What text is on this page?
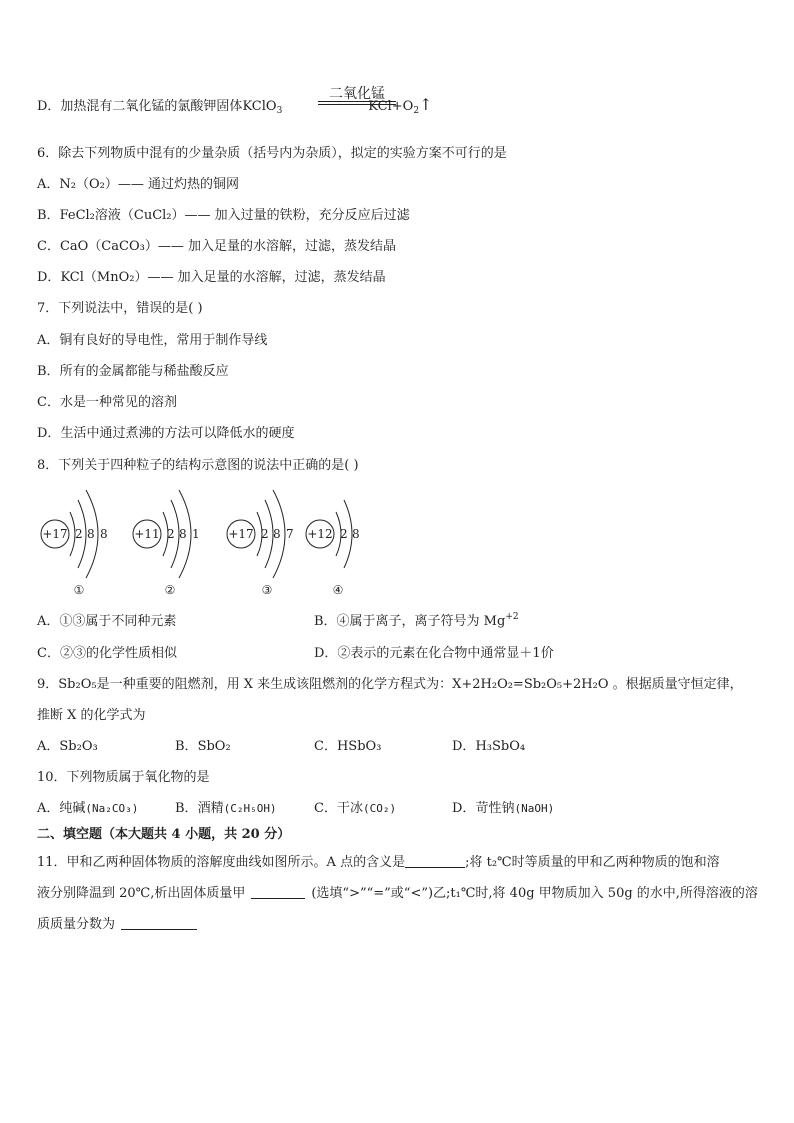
二氧化锰
D．加热混有二氧化锰的氯酸钾固体KClO$_3$	$KCl+O_2↑$
6．除去下列物质中混有的少量杂质（括号内为杂质），拟定的实验方案不可行的是
A．N₂（O₂）—— 通过灼热的铜网
B．FeCl₂溶液（CuCl₂）—— 加入过量的铁粉，充分反应后过滤
C．CaO（CaCO₃）—— 加入足量的水溶解，过滤，蒸发结晶
D．KCl（MnO₂）—— 加入足量的水溶解，过滤，蒸发结晶
7．下列说法中，错误的是( )
A．铜有良好的导电性，常用于制作导线
B．所有的金属都能与稀盐酸反应
C．水是一种常见的溶剂
D．生活中通过煮沸的方法可以降低水的硬度
8．下列关于四种粒子的结构示意图的说法中正确的是( )
+17 2 8 8
①
+11 2 8 1
②
+17 2 8 7
③
+12 2 8
④
A．①③属于不同种元素	B．④属于离子，离子符号为 $Mg^{+2}$
C．②③的化学性质相似	D．②表示的元素在化合物中通常显＋1价
9．Sb₂O₅是一种重要的阻燃剂，用 X 来生成该阻燃剂的化学方程式为：X+2H₂O₂=Sb₂O₅+2H₂O 。根据质量守恒定律，
推断 X 的化学式为
A．Sb₂O₃	B．SbO₂	C．HSbO₃	D．H₃SbO₄
10．下列物质属于氧化物的是
A．纯碱(Na₂CO₃)	B．酒精(C₂H₅OH)	C．干冰(CO₂)	D．苛性钠(NaOH)
二、填空题（本大题共 4 小题，共 20 分）
11．甲和乙两种固体物质的溶解度曲线如图所示。A 点的含义是	;将 t₂℃时等质量的甲和乙两种物质的饱和溶
液分别降温到 20℃,析出固体质量甲	(选填“>”“=”或“<”)乙;t₁℃时,将 40g 甲物质加入 50g 的水中,所得溶液的溶
质质量分数为
